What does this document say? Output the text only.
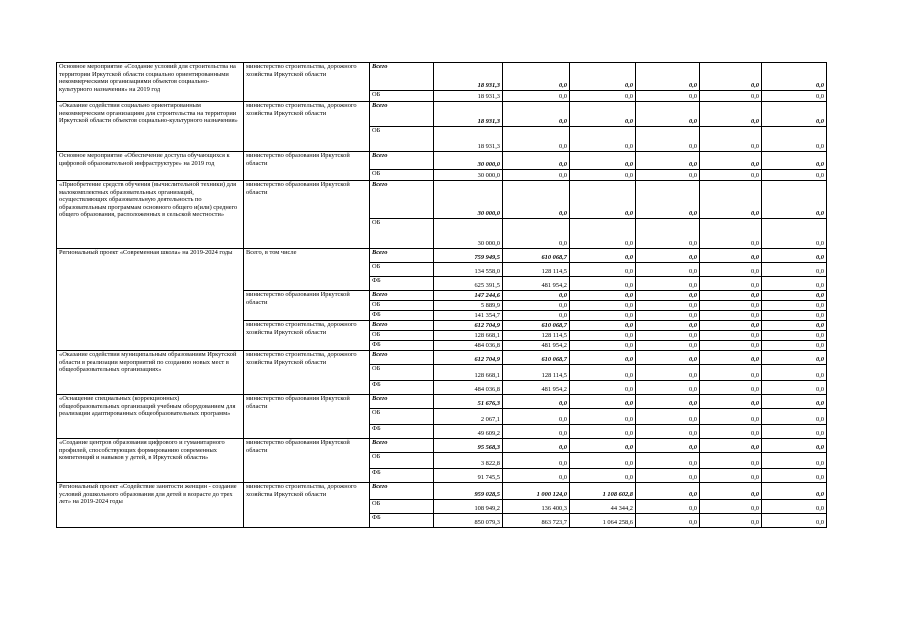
Основное мероприятие «Создание условий для строительства на территории Иркутской области социально ориентированными некоммерческими организациями объектов социально-культурного назначения» на 2019 год	министерство строительства, дорожного хозяйства Иркутской области	Всего	18 931,3	0,0	0,0	0,0	0,0	0,0
		ОБ	18 931,3	0,0	0,0	0,0	0,0	0,0
«Оказание содействия социально ориентированным некоммерческим организациям для строительства на территории Иркутской области объектов социально-культурного назначения»	министерство строительства, дорожного хозяйства Иркутской области	Всего	18 931,3	0,0	0,0	0,0	0,0	0,0
		ОБ	18 931,3	0,0	0,0	0,0	0,0	0,0
Основное мероприятие «Обеспечение доступа обучающихся к цифровой образовательной инфраструктуре» на 2019 год	министерство образования Иркутской области	Всего	30 000,0	0,0	0,0	0,0	0,0	0,0
		ОБ	30 000,0	0,0	0,0	0,0	0,0	0,0
«Приобретение средств обучения (вычислительной техники) для малокомплектных образовательных организаций, осуществляющих образовательную деятельность по образовательным программам основного общего и(или) среднего общего образования, расположенных в сельской местности»	министерство образования Иркутской области	Всего	30 000,0	0,0	0,0	0,0	0,0	0,0
		ОБ	30 000,0	0,0	0,0	0,0	0,0	0,0
Региональный проект «Современная школа» на 2019-2024 годы	Всего, в том числе	Всего	759 949,5	610 068,7	0,0	0,0	0,0	0,0
		ОБ	134 558,0	128 114,5	0,0	0,0	0,0	0,0
		ФБ	625 391,5	481 954,2	0,0	0,0	0,0	0,0
	министерство образования Иркутской области	Всего	147 244,6	0,0	0,0	0,0	0,0	0,0
		ОБ	5 889,9	0,0	0,0	0,0	0,0	0,0
		ФБ	141 354,7	0,0	0,0	0,0	0,0	0,0
	министерство строительства, дорожного хозяйства Иркутской области	Всего	612 704,9	610 068,7	0,0	0,0	0,0	0,0
		ОБ	128 668,1	128 114,5	0,0	0,0	0,0	0,0
		ФБ	484 036,8	481 954,2	0,0	0,0	0,0	0,0
«Оказание содействия муниципальным образованиям Иркутской области в реализации мероприятий по созданию новых мест в общеобразовательных организациях»	министерство строительства, дорожного хозяйства Иркутской области	Всего	612 704,9	610 068,7	0,0	0,0	0,0	0,0
		ОБ	128 668,1	128 114,5	0,0	0,0	0,0	0,0
		ФБ	484 036,8	481 954,2	0,0	0,0	0,0	0,0
«Оснащение специальных (коррекционных) общеобразовательных организаций учебным оборудованием для реализации адаптированных общеобразовательных программ»	министерство образования Иркутской области	Всего	51 676,3	0,0	0,0	0,0	0,0	0,0
		ОБ	2 067,1	0,0	0,0	0,0	0,0	0,0
		ФБ	49 609,2	0,0	0,0	0,0	0,0	0,0
«Создание центров образования цифрового и гуманитарного профилей, способствующих формированию современных компетенций и навыков у детей, в Иркутской области»	министерство образования Иркутской области	Всего	95 568,3	0,0	0,0	0,0	0,0	0,0
		ОБ	3 822,8	0,0	0,0	0,0	0,0	0,0
		ФБ	91 745,5	0,0	0,0	0,0	0,0	0,0
Региональный проект «Содействие занятости женщин - создание условий дошкольного образования для детей в возрасте до трех лет» на 2019-2024 годы	министерство строительства, дорожного хозяйства Иркутской области	Всего	959 028,5	1 000 124,0	1 108 602,8	0,0	0,0	0,0
		ОБ	108 949,2	136 400,3	44 344,2	0,0	0,0	0,0
		ФБ	850 079,3	863 723,7	1 064 258,6	0,0	0,0	0,0
